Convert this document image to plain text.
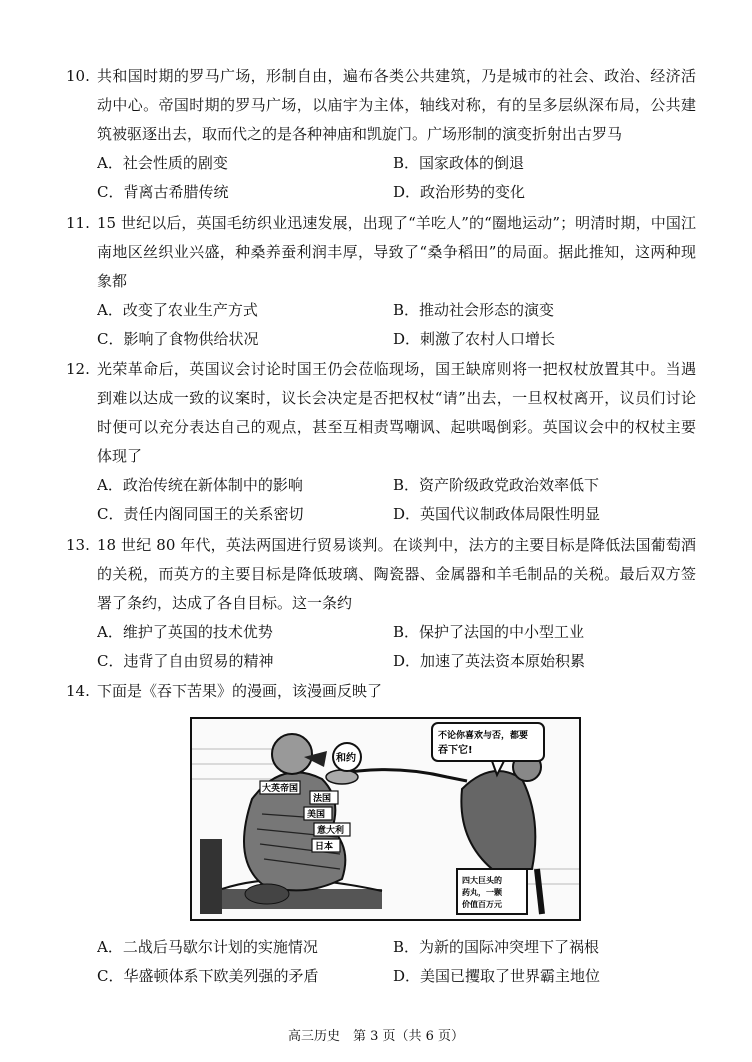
10. 共和国时期的罗马广场，形制自由，遍布各类公共建筑，乃是城市的社会、政治、经济活动中心。帝国时期的罗马广场，以庙宇为主体，轴线对称，有的呈多层纵深布局，公共建筑被驱逐出去，取而代之的是各种神庙和凯旋门。广场形制的演变折射出古罗马
A．社会性质的剧变	B．国家政体的倒退
C．背离古希腊传统	D．政治形势的变化
11. 15 世纪以后，英国毛纺织业迅速发展，出现了“羊吃人”的“圈地运动”；明清时期，中国江南地区丝织业兴盛，种桑养蚕利润丰厚，导致了“桑争稻田”的局面。据此推知，这两种现象都
A．改变了农业生产方式	B．推动社会形态的演变
C．影响了食物供给状况	D．刺激了农村人口增长
12. 光荣革命后，英国议会讨论时国王仍会莅临现场，国王缺席则将一把权杖放置其中。当遇到难以达成一致的议案时，议长会决定是否把权杖“请”出去，一旦权杖离开，议员们讨论时便可以充分表达自己的观点，甚至互相责骂嘲讽、起哄喝倒彩。英国议会中的权杖主要体现了
A．政治传统在新体制中的影响	B．资产阶级政党政治效率低下
C．责任内阁同国王的关系密切	D．英国代议制政体局限性明显
13. 18 世纪 80 年代，英法两国进行贸易谈判。在谈判中，法方的主要目标是降低法国葡萄酒的关税，而英方的主要目标是降低玻璃、陶瓷器、金属器和羊毛制品的关税。最后双方签署了条约，达成了各自目标。这一条约
A．维护了英国的技术优势	B．保护了法国的中小型工业
C．违背了自由贸易的精神	D．加速了英法资本原始积累
14. 下面是《吞下苦果》的漫画，该漫画反映了
不论你喜欢与否，都要
吞下它!
和约
大英帝国
法国
美国
意大利
日本
四大巨头的
药丸，一颗
价值百万元
A．二战后马歇尔计划的实施情况	B．为新的国际冲突埋下了祸根
C．华盛顿体系下欧美列强的矛盾	D．美国已攫取了世界霸主地位
高三历史　第 3 页（共 6 页）
